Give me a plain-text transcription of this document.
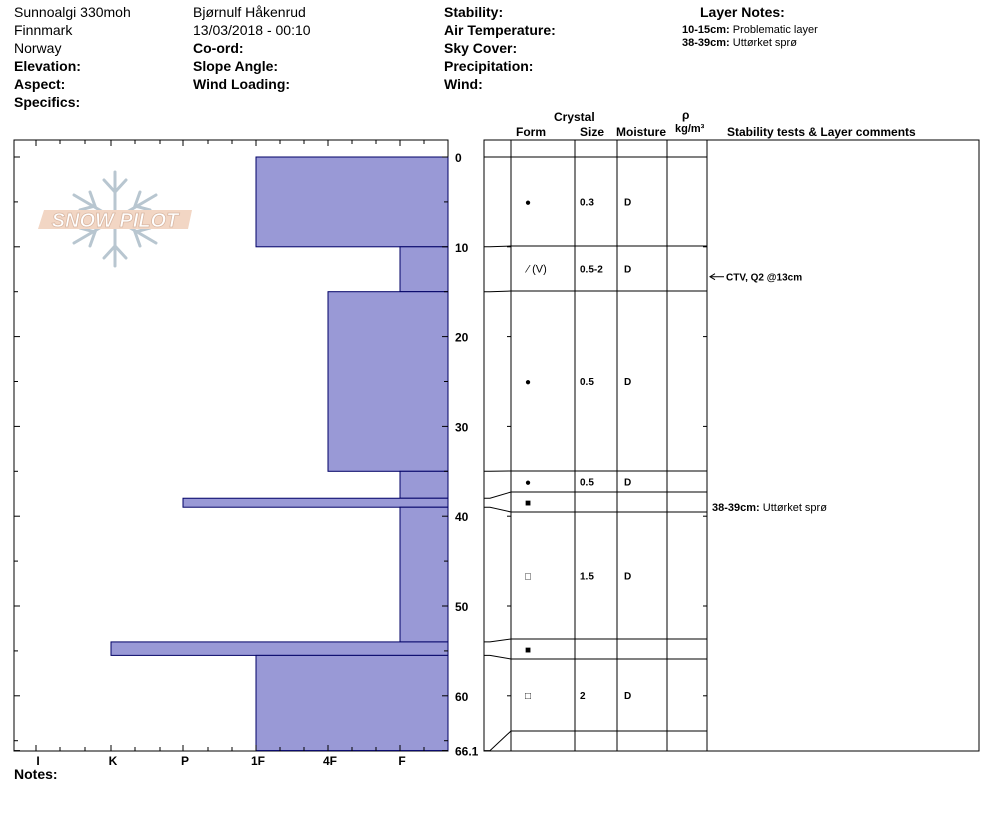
Sunnoalgi 330moh
Finnmark
Norway
Elevation:
Aspect:
Specifics:
Bjørnulf Håkenrud
13/03/2018 - 00:10
Co-ord:
Slope Angle:
Wind Loading:
Stability:
Air Temperature:
Sky Cover:
Precipitation:
Wind:
Layer Notes:
10-15cm: Problematic layer
38-39cm: Uttørket sprø
Crystal
Form	Size Moisture
ρ
kg/m³ Stability tests & Layer comments
Notes:
SNOW PILOT
I	K	P	1F	4F	F
0
10
20
30
40
50
60
66.1
●	0.3	D
⁄ (V)	0.5-2 D
●	0.5	D
●	0.5	D
■
□	1.5	D
■
□	2	D
CTV, Q2 @13cm
38-39cm: Uttørket sprø
